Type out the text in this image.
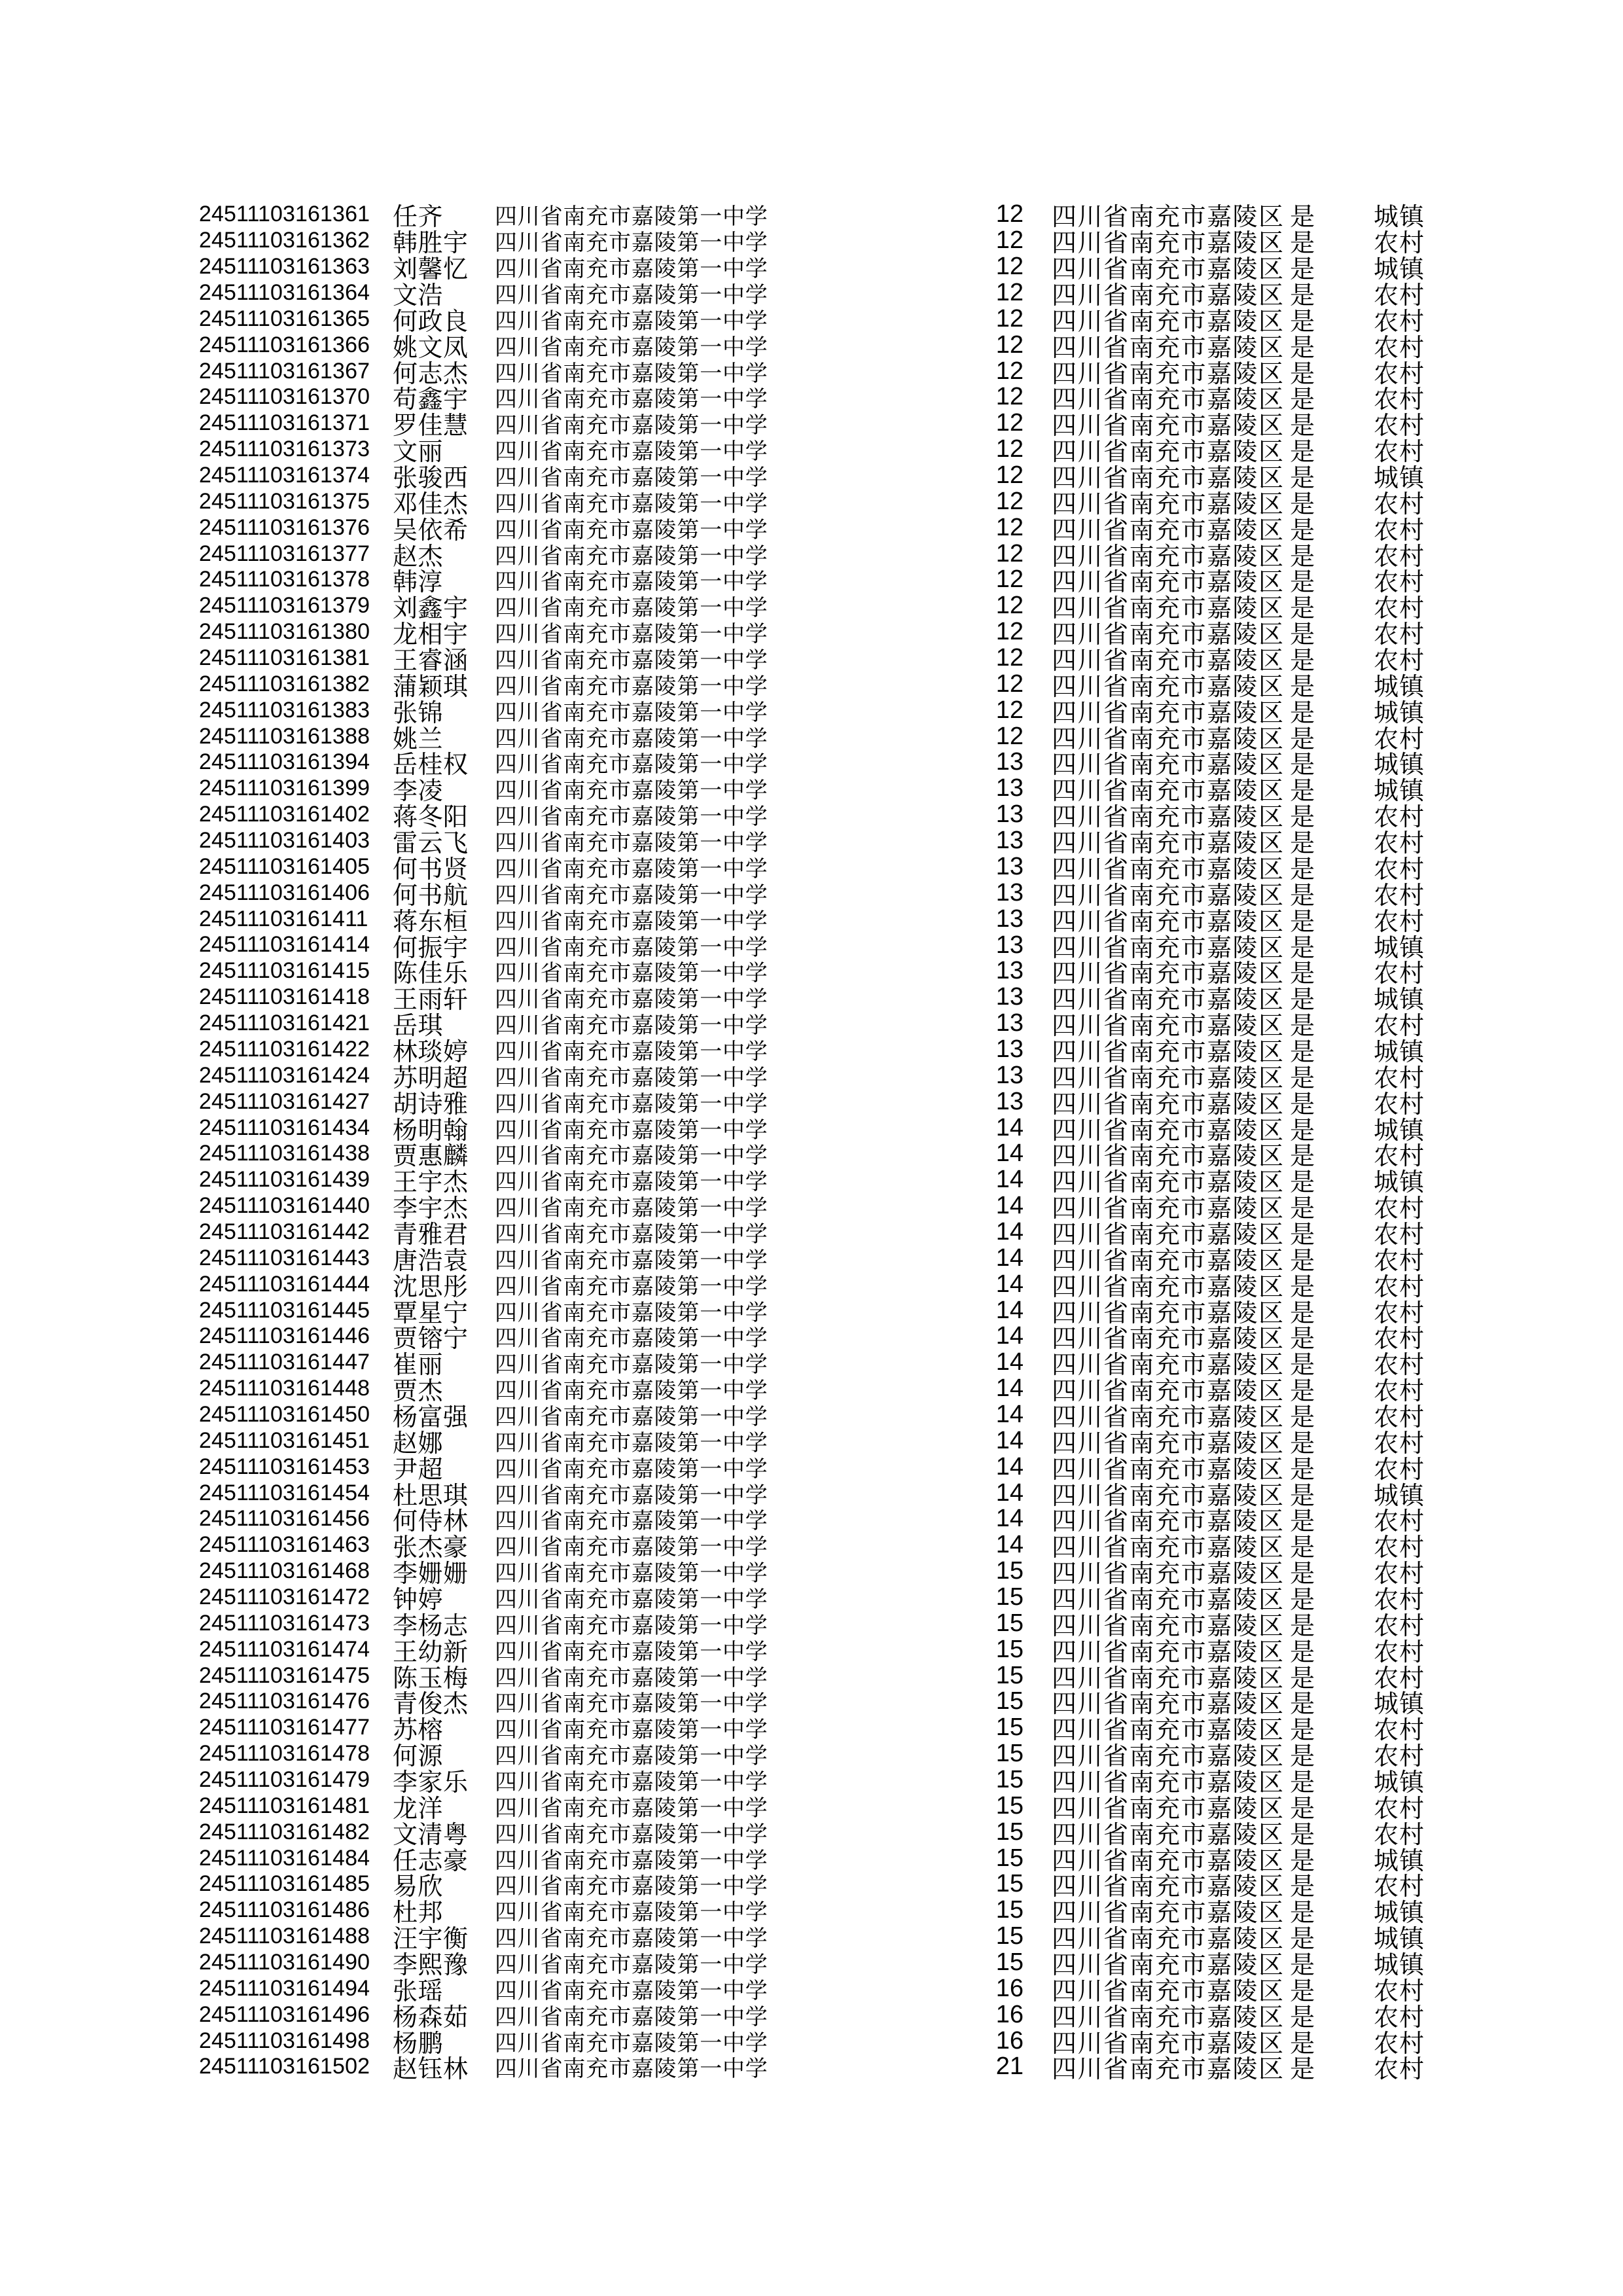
24511103161361 任齐 四川省南充市嘉陵第一中学	12 四川省南充市嘉陵区 是 城镇
24511103161362 韩胜宇 四川省南充市嘉陵第一中学	12 四川省南充市嘉陵区 是 农村
24511103161363 刘馨忆 四川省南充市嘉陵第一中学	12 四川省南充市嘉陵区 是 城镇
24511103161364 文浩 四川省南充市嘉陵第一中学	12 四川省南充市嘉陵区 是 农村
24511103161365 何政良 四川省南充市嘉陵第一中学	12 四川省南充市嘉陵区 是 农村
24511103161366 姚文凤 四川省南充市嘉陵第一中学	12 四川省南充市嘉陵区 是 农村
24511103161367 何志杰 四川省南充市嘉陵第一中学	12 四川省南充市嘉陵区 是 农村
24511103161370 苟鑫宇 四川省南充市嘉陵第一中学	12 四川省南充市嘉陵区 是 农村
24511103161371 罗佳慧 四川省南充市嘉陵第一中学	12 四川省南充市嘉陵区 是 农村
24511103161373 文丽 四川省南充市嘉陵第一中学	12 四川省南充市嘉陵区 是 农村
24511103161374 张骏西 四川省南充市嘉陵第一中学	12 四川省南充市嘉陵区 是 城镇
24511103161375 邓佳杰 四川省南充市嘉陵第一中学	12 四川省南充市嘉陵区 是 农村
24511103161376 吴依希 四川省南充市嘉陵第一中学	12 四川省南充市嘉陵区 是 农村
24511103161377 赵杰 四川省南充市嘉陵第一中学	12 四川省南充市嘉陵区 是 农村
24511103161378 韩淳 四川省南充市嘉陵第一中学	12 四川省南充市嘉陵区 是 农村
24511103161379 刘鑫宇 四川省南充市嘉陵第一中学	12 四川省南充市嘉陵区 是 农村
24511103161380 龙相宇 四川省南充市嘉陵第一中学	12 四川省南充市嘉陵区 是 农村
24511103161381 王睿涵 四川省南充市嘉陵第一中学	12 四川省南充市嘉陵区 是 农村
24511103161382 蒲颖琪 四川省南充市嘉陵第一中学	12 四川省南充市嘉陵区 是 城镇
24511103161383 张锦 四川省南充市嘉陵第一中学	12 四川省南充市嘉陵区 是 城镇
24511103161388 姚兰 四川省南充市嘉陵第一中学	12 四川省南充市嘉陵区 是 农村
24511103161394 岳桂权 四川省南充市嘉陵第一中学	13 四川省南充市嘉陵区 是 城镇
24511103161399 李凌 四川省南充市嘉陵第一中学	13 四川省南充市嘉陵区 是 城镇
24511103161402 蒋冬阳 四川省南充市嘉陵第一中学	13 四川省南充市嘉陵区 是 农村
24511103161403 雷云飞 四川省南充市嘉陵第一中学	13 四川省南充市嘉陵区 是 农村
24511103161405 何书贤 四川省南充市嘉陵第一中学	13 四川省南充市嘉陵区 是 农村
24511103161406 何书航 四川省南充市嘉陵第一中学	13 四川省南充市嘉陵区 是 农村
24511103161411 蒋东桓 四川省南充市嘉陵第一中学	13 四川省南充市嘉陵区 是 农村
24511103161414 何振宇 四川省南充市嘉陵第一中学	13 四川省南充市嘉陵区 是 城镇
24511103161415 陈佳乐 四川省南充市嘉陵第一中学	13 四川省南充市嘉陵区 是 农村
24511103161418 王雨轩 四川省南充市嘉陵第一中学	13 四川省南充市嘉陵区 是 城镇
24511103161421 岳琪 四川省南充市嘉陵第一中学	13 四川省南充市嘉陵区 是 农村
24511103161422 林琰婷 四川省南充市嘉陵第一中学	13 四川省南充市嘉陵区 是 城镇
24511103161424 苏明超 四川省南充市嘉陵第一中学	13 四川省南充市嘉陵区 是 农村
24511103161427 胡诗雅 四川省南充市嘉陵第一中学	13 四川省南充市嘉陵区 是 农村
24511103161434 杨明翰 四川省南充市嘉陵第一中学	14 四川省南充市嘉陵区 是 城镇
24511103161438 贾惠麟 四川省南充市嘉陵第一中学	14 四川省南充市嘉陵区 是 农村
24511103161439 王宇杰 四川省南充市嘉陵第一中学	14 四川省南充市嘉陵区 是 城镇
24511103161440 李宇杰 四川省南充市嘉陵第一中学	14 四川省南充市嘉陵区 是 农村
24511103161442 青雅君 四川省南充市嘉陵第一中学	14 四川省南充市嘉陵区 是 农村
24511103161443 唐浩袁 四川省南充市嘉陵第一中学	14 四川省南充市嘉陵区 是 农村
24511103161444 沈思彤 四川省南充市嘉陵第一中学	14 四川省南充市嘉陵区 是 农村
24511103161445 覃星宁 四川省南充市嘉陵第一中学	14 四川省南充市嘉陵区 是 农村
24511103161446 贾镕宁 四川省南充市嘉陵第一中学	14 四川省南充市嘉陵区 是 农村
24511103161447 崔丽 四川省南充市嘉陵第一中学	14 四川省南充市嘉陵区 是 农村
24511103161448 贾杰 四川省南充市嘉陵第一中学	14 四川省南充市嘉陵区 是 农村
24511103161450 杨富强 四川省南充市嘉陵第一中学	14 四川省南充市嘉陵区 是 农村
24511103161451 赵娜 四川省南充市嘉陵第一中学	14 四川省南充市嘉陵区 是 农村
24511103161453 尹超 四川省南充市嘉陵第一中学	14 四川省南充市嘉陵区 是 农村
24511103161454 杜思琪 四川省南充市嘉陵第一中学	14 四川省南充市嘉陵区 是 城镇
24511103161456 何侍林 四川省南充市嘉陵第一中学	14 四川省南充市嘉陵区 是 农村
24511103161463 张杰豪 四川省南充市嘉陵第一中学	14 四川省南充市嘉陵区 是 农村
24511103161468 李姗姗 四川省南充市嘉陵第一中学	15 四川省南充市嘉陵区 是 农村
24511103161472 钟婷 四川省南充市嘉陵第一中学	15 四川省南充市嘉陵区 是 农村
24511103161473 李杨志 四川省南充市嘉陵第一中学	15 四川省南充市嘉陵区 是 农村
24511103161474 王幼新 四川省南充市嘉陵第一中学	15 四川省南充市嘉陵区 是 农村
24511103161475 陈玉梅 四川省南充市嘉陵第一中学	15 四川省南充市嘉陵区 是 农村
24511103161476 青俊杰 四川省南充市嘉陵第一中学	15 四川省南充市嘉陵区 是 城镇
24511103161477 苏榕 四川省南充市嘉陵第一中学	15 四川省南充市嘉陵区 是 农村
24511103161478 何源 四川省南充市嘉陵第一中学	15 四川省南充市嘉陵区 是 农村
24511103161479 李家乐 四川省南充市嘉陵第一中学	15 四川省南充市嘉陵区 是 城镇
24511103161481 龙洋 四川省南充市嘉陵第一中学	15 四川省南充市嘉陵区 是 农村
24511103161482 文清粤 四川省南充市嘉陵第一中学	15 四川省南充市嘉陵区 是 农村
24511103161484 任志豪 四川省南充市嘉陵第一中学	15 四川省南充市嘉陵区 是 城镇
24511103161485 易欣 四川省南充市嘉陵第一中学	15 四川省南充市嘉陵区 是 农村
24511103161486 杜邦 四川省南充市嘉陵第一中学	15 四川省南充市嘉陵区 是 城镇
24511103161488 汪宇衡 四川省南充市嘉陵第一中学	15 四川省南充市嘉陵区 是 城镇
24511103161490 李熙豫 四川省南充市嘉陵第一中学	15 四川省南充市嘉陵区 是 城镇
24511103161494 张瑶 四川省南充市嘉陵第一中学	16 四川省南充市嘉陵区 是 农村
24511103161496 杨森茹 四川省南充市嘉陵第一中学	16 四川省南充市嘉陵区 是 农村
24511103161498 杨鹏 四川省南充市嘉陵第一中学	16 四川省南充市嘉陵区 是 农村
24511103161502 赵钰林 四川省南充市嘉陵第一中学	21 四川省南充市嘉陵区 是 农村
